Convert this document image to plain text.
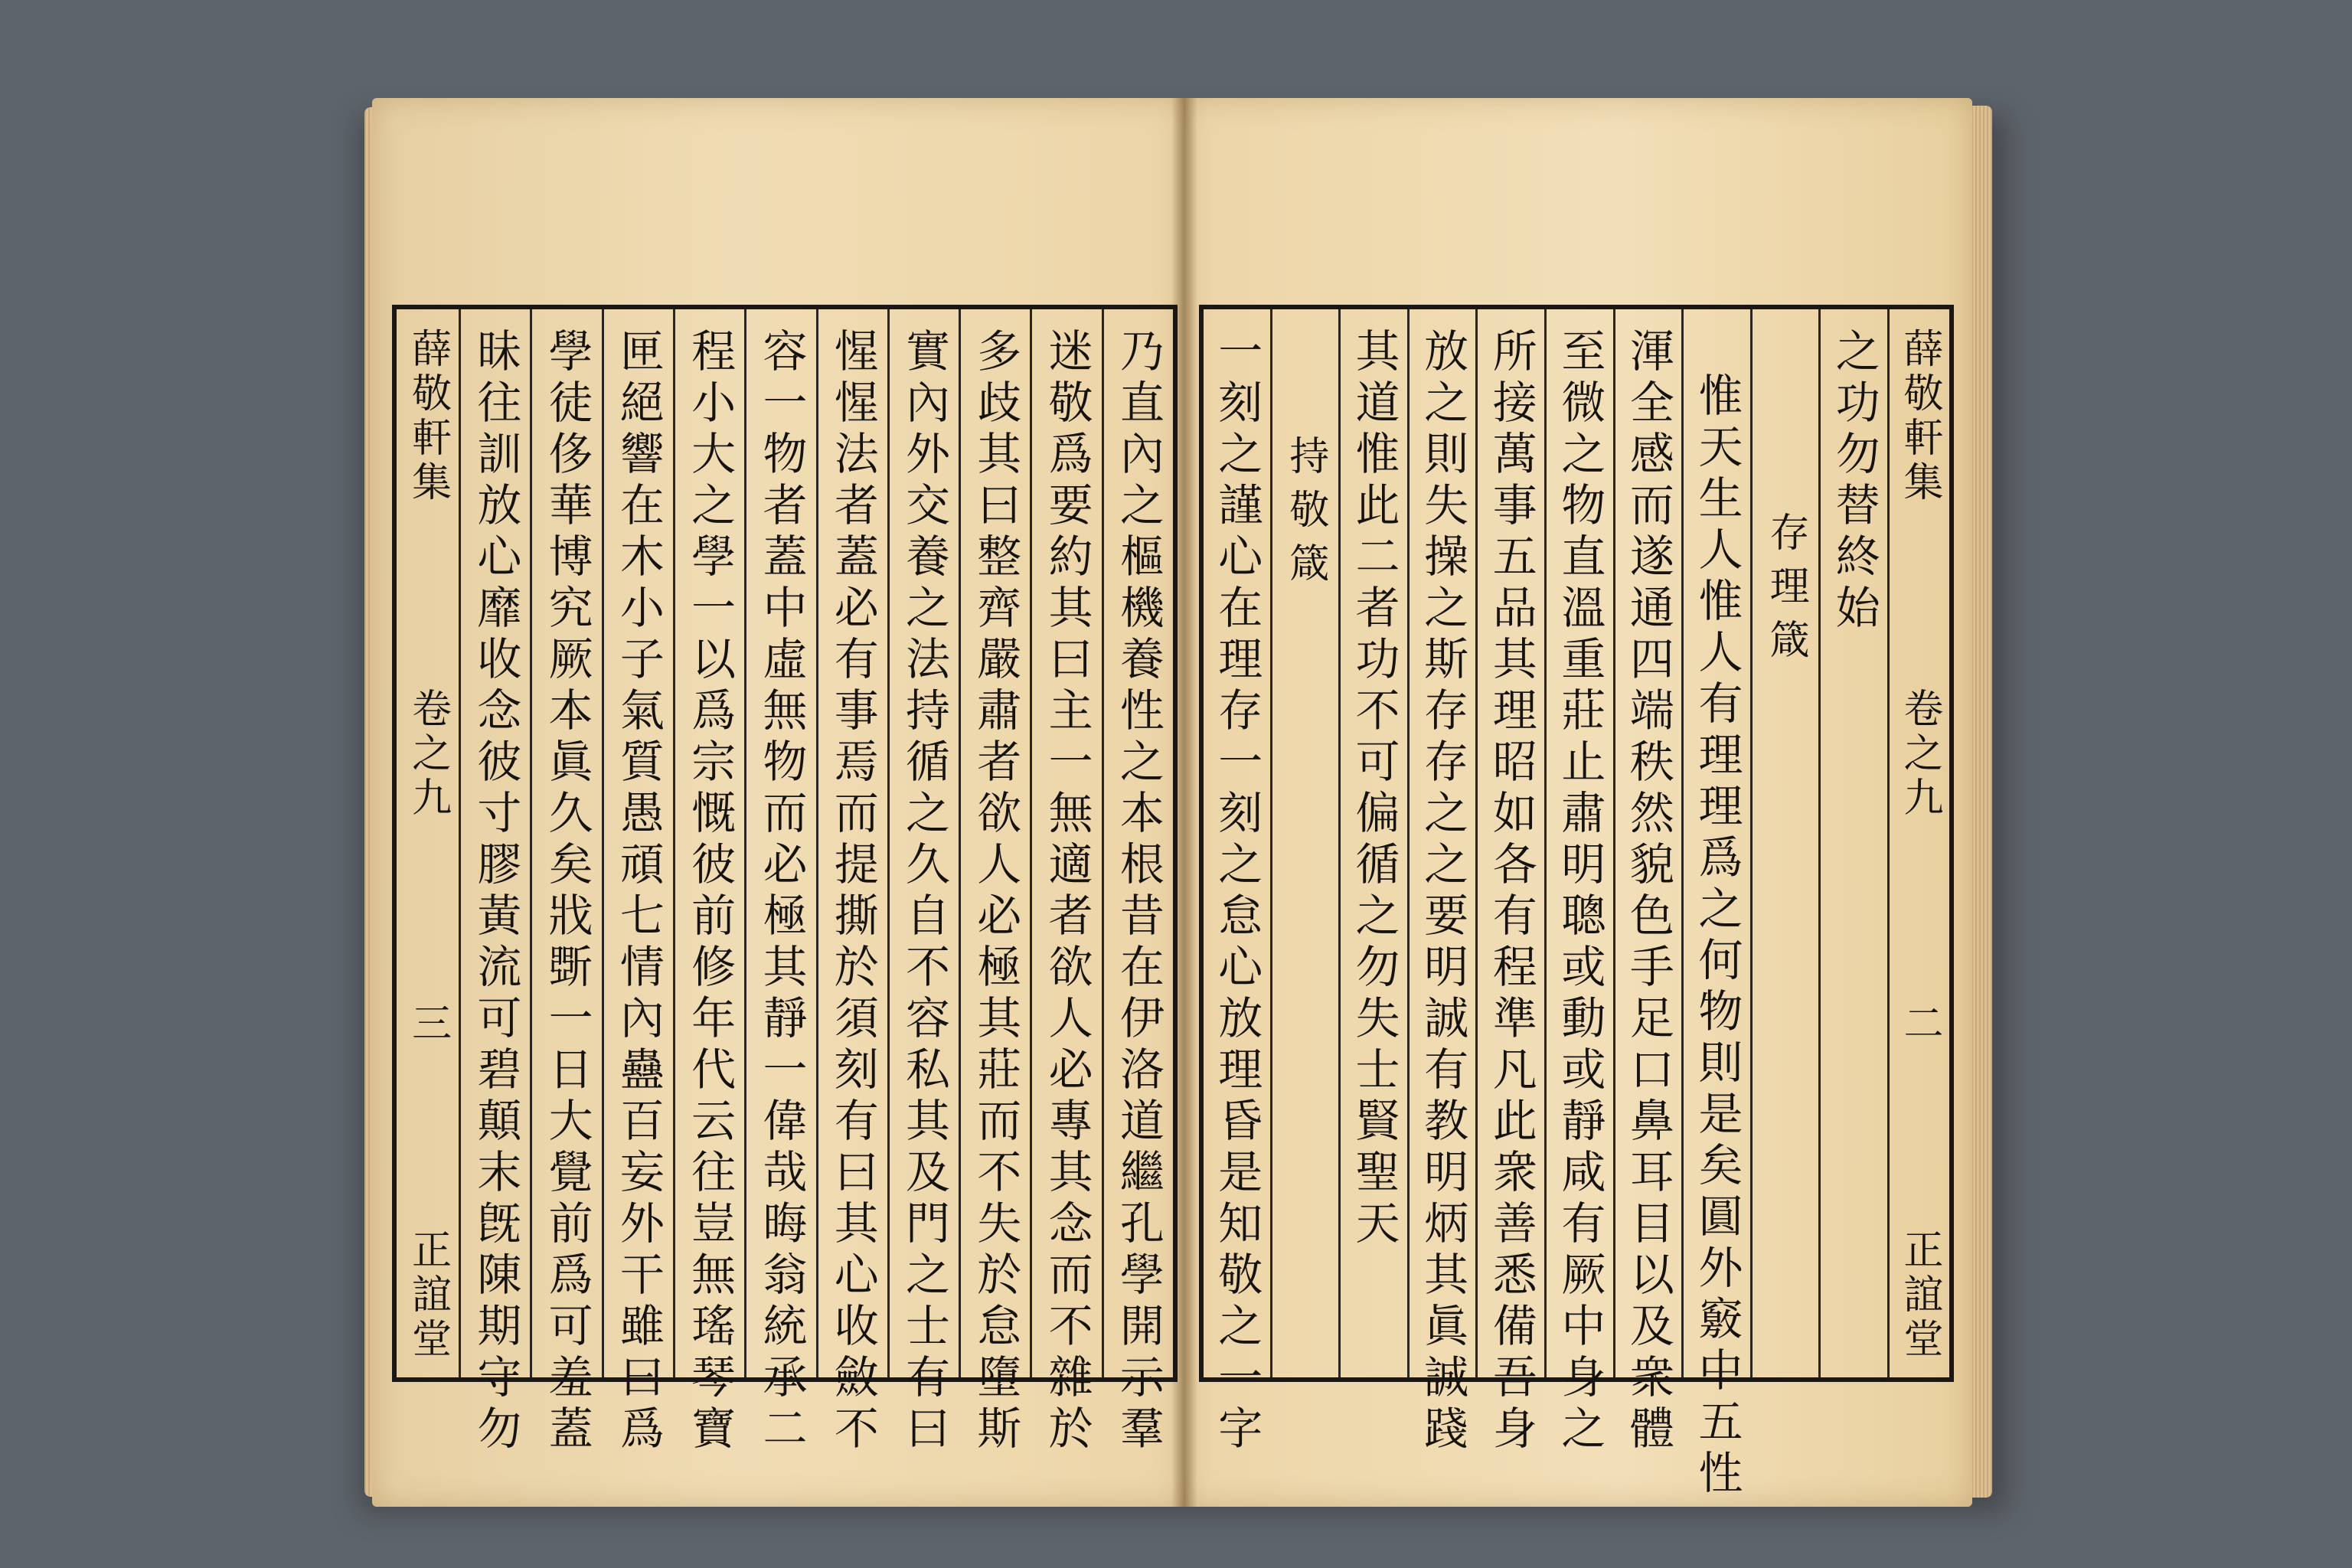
乃直內之樞機養性之本根昔在伊洛道繼孔學開示羣
迷敬爲要約其曰主一無適者欲人必專其念而不雜於
多歧其曰整齊嚴肅者欲人必極其莊而不失於怠墮斯
實內外交養之法持循之久自不容私其及門之士有曰
惺惺法者蓋必有事焉而提撕於須刻有曰其心收斂不
容一物者蓋中虛無物而必極其靜一偉哉晦翁統承二
程小大之學一以爲宗慨彼前修年代云往豈無瑤琴寶
匣絕響在木小子氣質愚頑七情內蠱百妄外干雖曰爲
學徒侈華博究厥本眞久矣戕斲一日大覺前爲可羞蓋
昧往訓放心靡收念彼寸膠黃流可碧顛末旣陳期守勿
薛敬軒集
卷之九
三
正誼堂
薛敬軒集
卷之九
二
正誼堂
之功勿替終始
存理箴
惟天生人惟人有理理爲之何物則是矣圓外竅中五性
渾全感而遂通四端秩然貌色手足口鼻耳目以及衆體
至微之物直溫重莊止肅明聰或動或靜咸有厥中身之
所接萬事五品其理昭如各有程準凡此衆善悉備吾身
放之則失操之斯存存之之要明誠有教明炳其眞誠踐
其道惟此二者功不可偏循之勿失士賢聖天
持敬箴
一刻之謹心在理存一刻之怠心放理昏是知敬之一字
